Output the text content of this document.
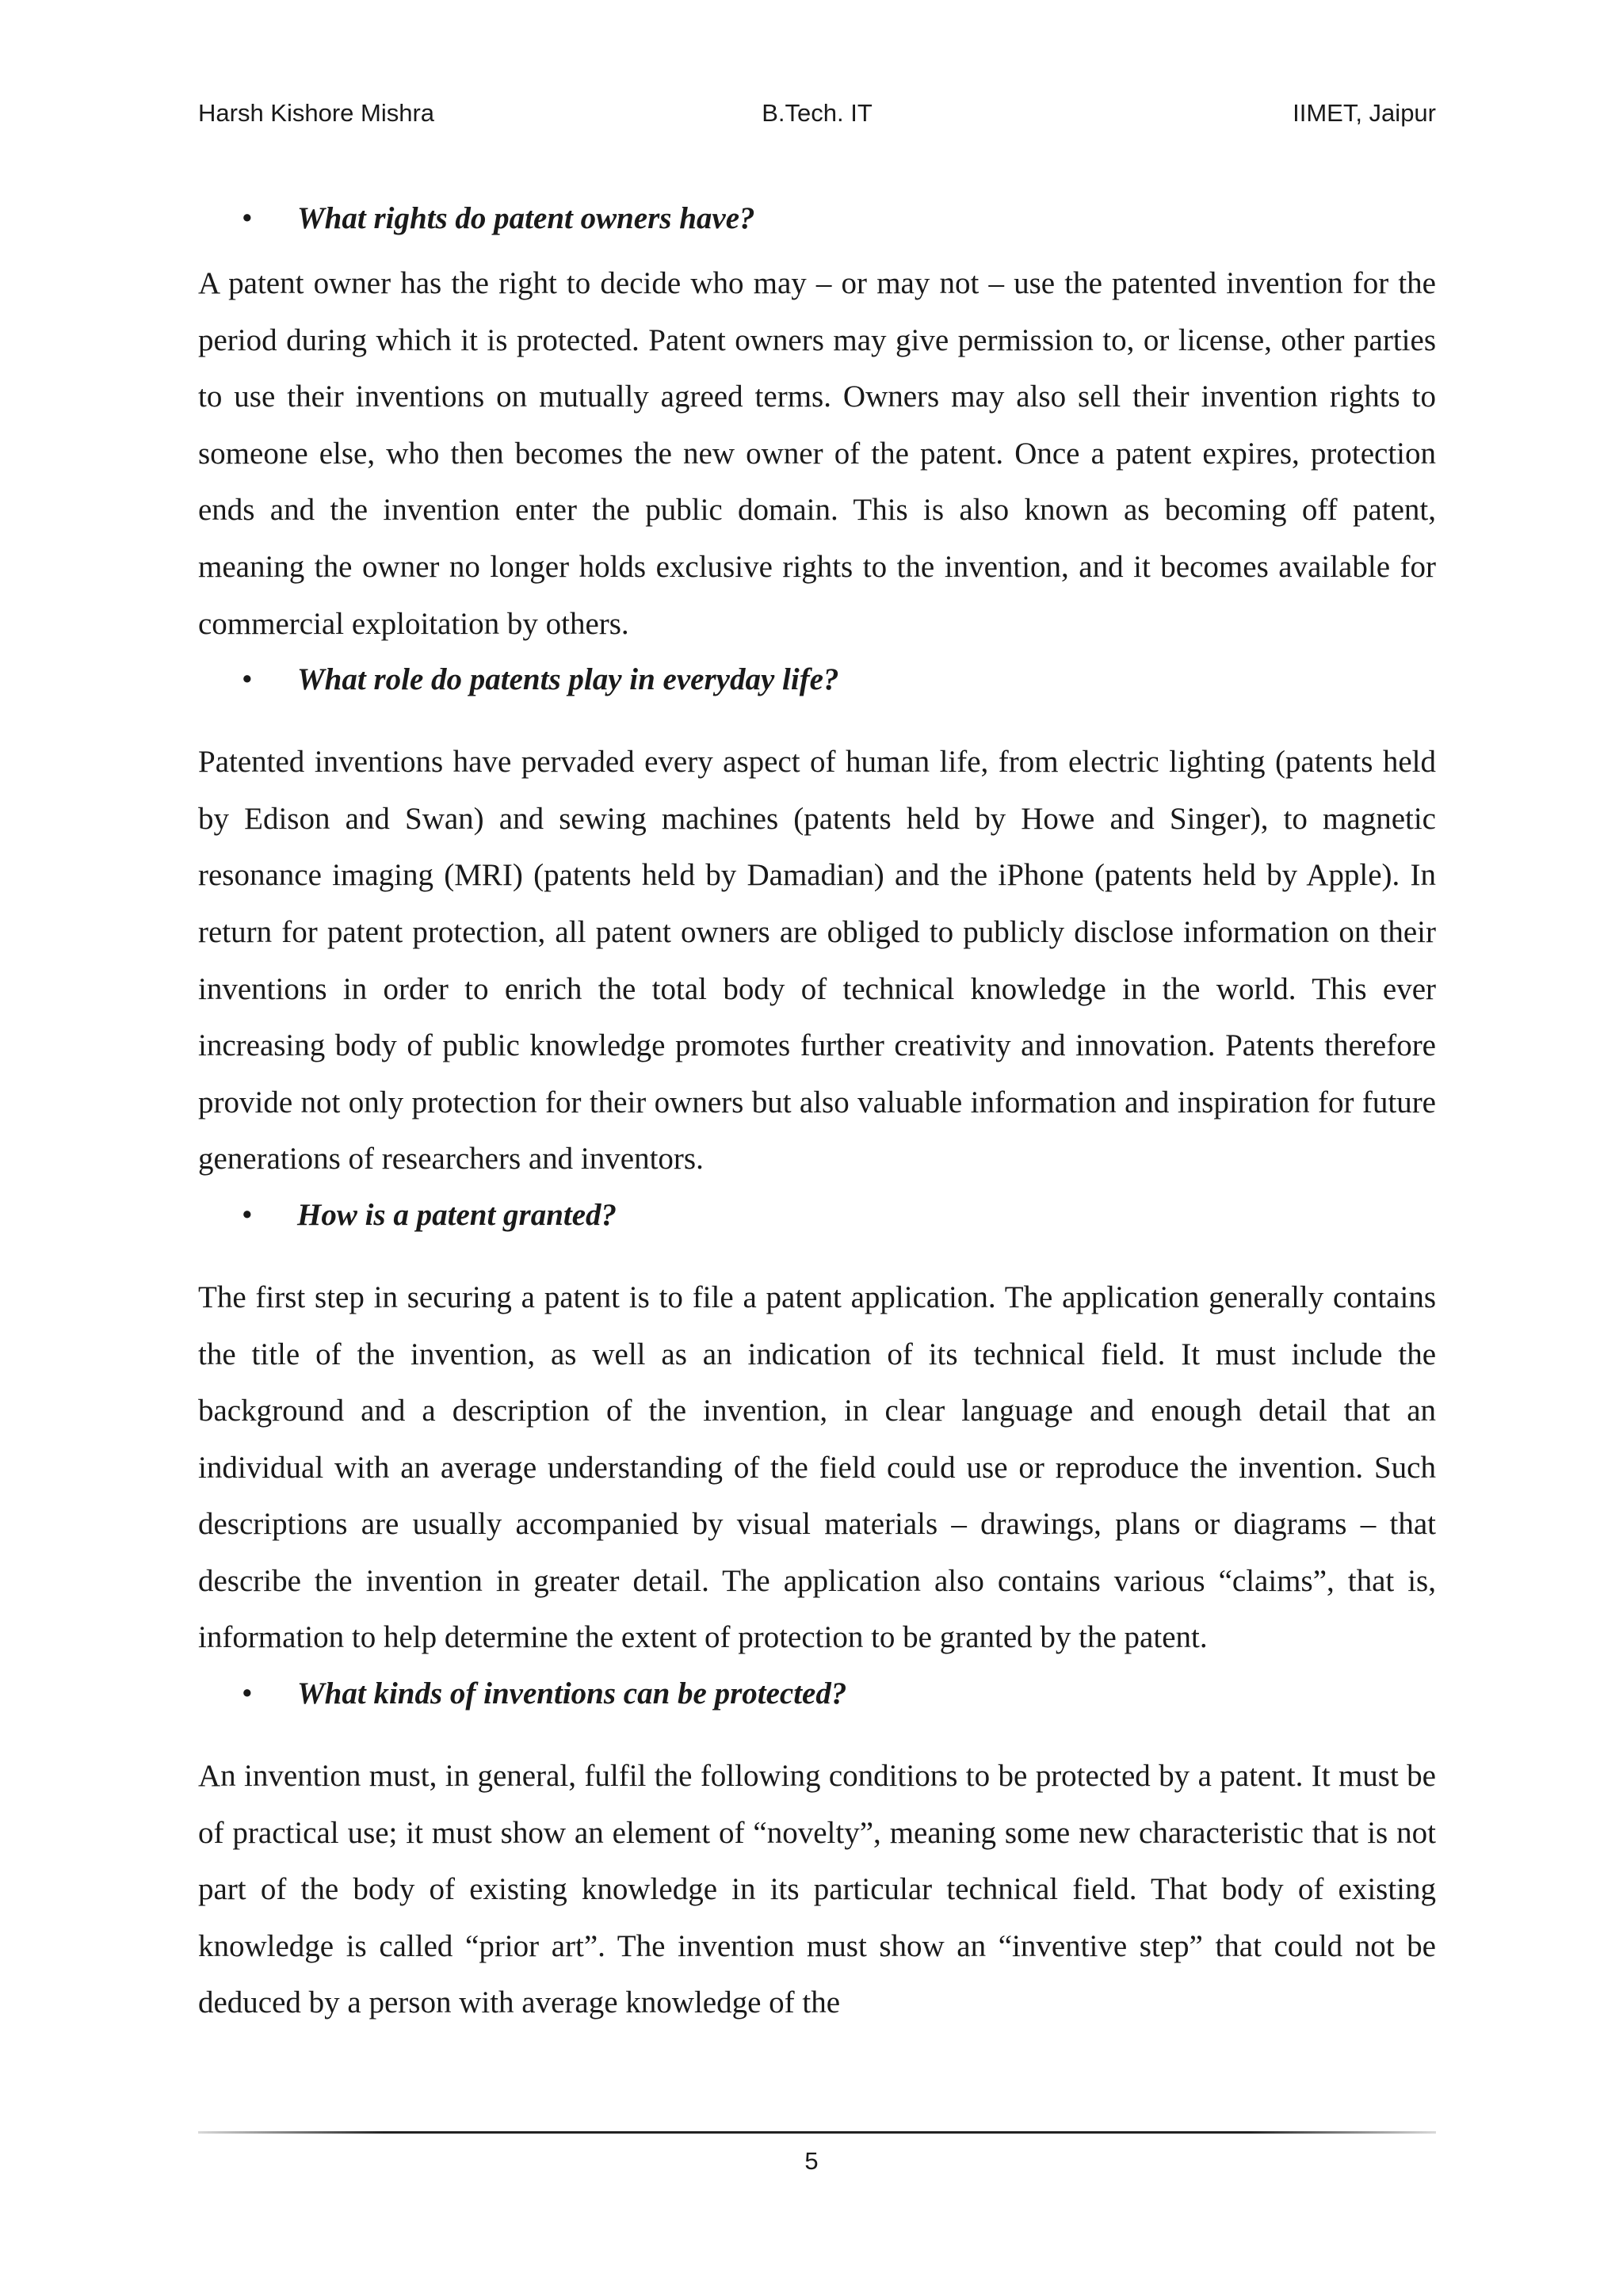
Harsh Kishore Mishra	B.Tech. IT	IIMET, Jaipur

• What rights do patent owners have?

A patent owner has the right to decide who may – or may not – use the patented invention for the period during which it is protected. Patent owners may give permission to, or license, other parties to use their inventions on mutually agreed terms. Owners may also sell their invention rights to someone else, who then becomes the new owner of the patent. Once a patent expires, protection ends and the invention enter the public domain. This is also known as becoming off patent, meaning the owner no longer holds exclusive rights to the invention, and it becomes available for commercial exploitation by others.

• What role do patents play in everyday life?

Patented inventions have pervaded every aspect of human life, from electric lighting (patents held by Edison and Swan) and sewing machines (patents held by Howe and Singer), to magnetic resonance imaging (MRI) (patents held by Damadian) and the iPhone (patents held by Apple). In return for patent protection, all patent owners are obliged to publicly disclose information on their inventions in order to enrich the total body of technical knowledge in the world. This ever increasing body of public knowledge promotes further creativity and innovation. Patents therefore provide not only protection for their owners but also valuable information and inspiration for future generations of researchers and inventors.

• How is a patent granted?

The first step in securing a patent is to file a patent application. The application generally contains the title of the invention, as well as an indication of its technical field. It must include the background and a description of the invention, in clear language and enough detail that an individual with an average understanding of the field could use or reproduce the invention. Such descriptions are usually accompanied by visual materials – drawings, plans or diagrams – that describe the invention in greater detail. The application also contains various “claims”, that is, information to help determine the extent of protection to be granted by the patent.

• What kinds of inventions can be protected?

An invention must, in general, fulfil the following conditions to be protected by a patent. It must be of practical use; it must show an element of “novelty”, meaning some new characteristic that is not part of the body of existing knowledge in its particular technical field. That body of existing knowledge is called “prior art”. The invention must show an “inventive step” that could not be deduced by a person with average knowledge of the

5
